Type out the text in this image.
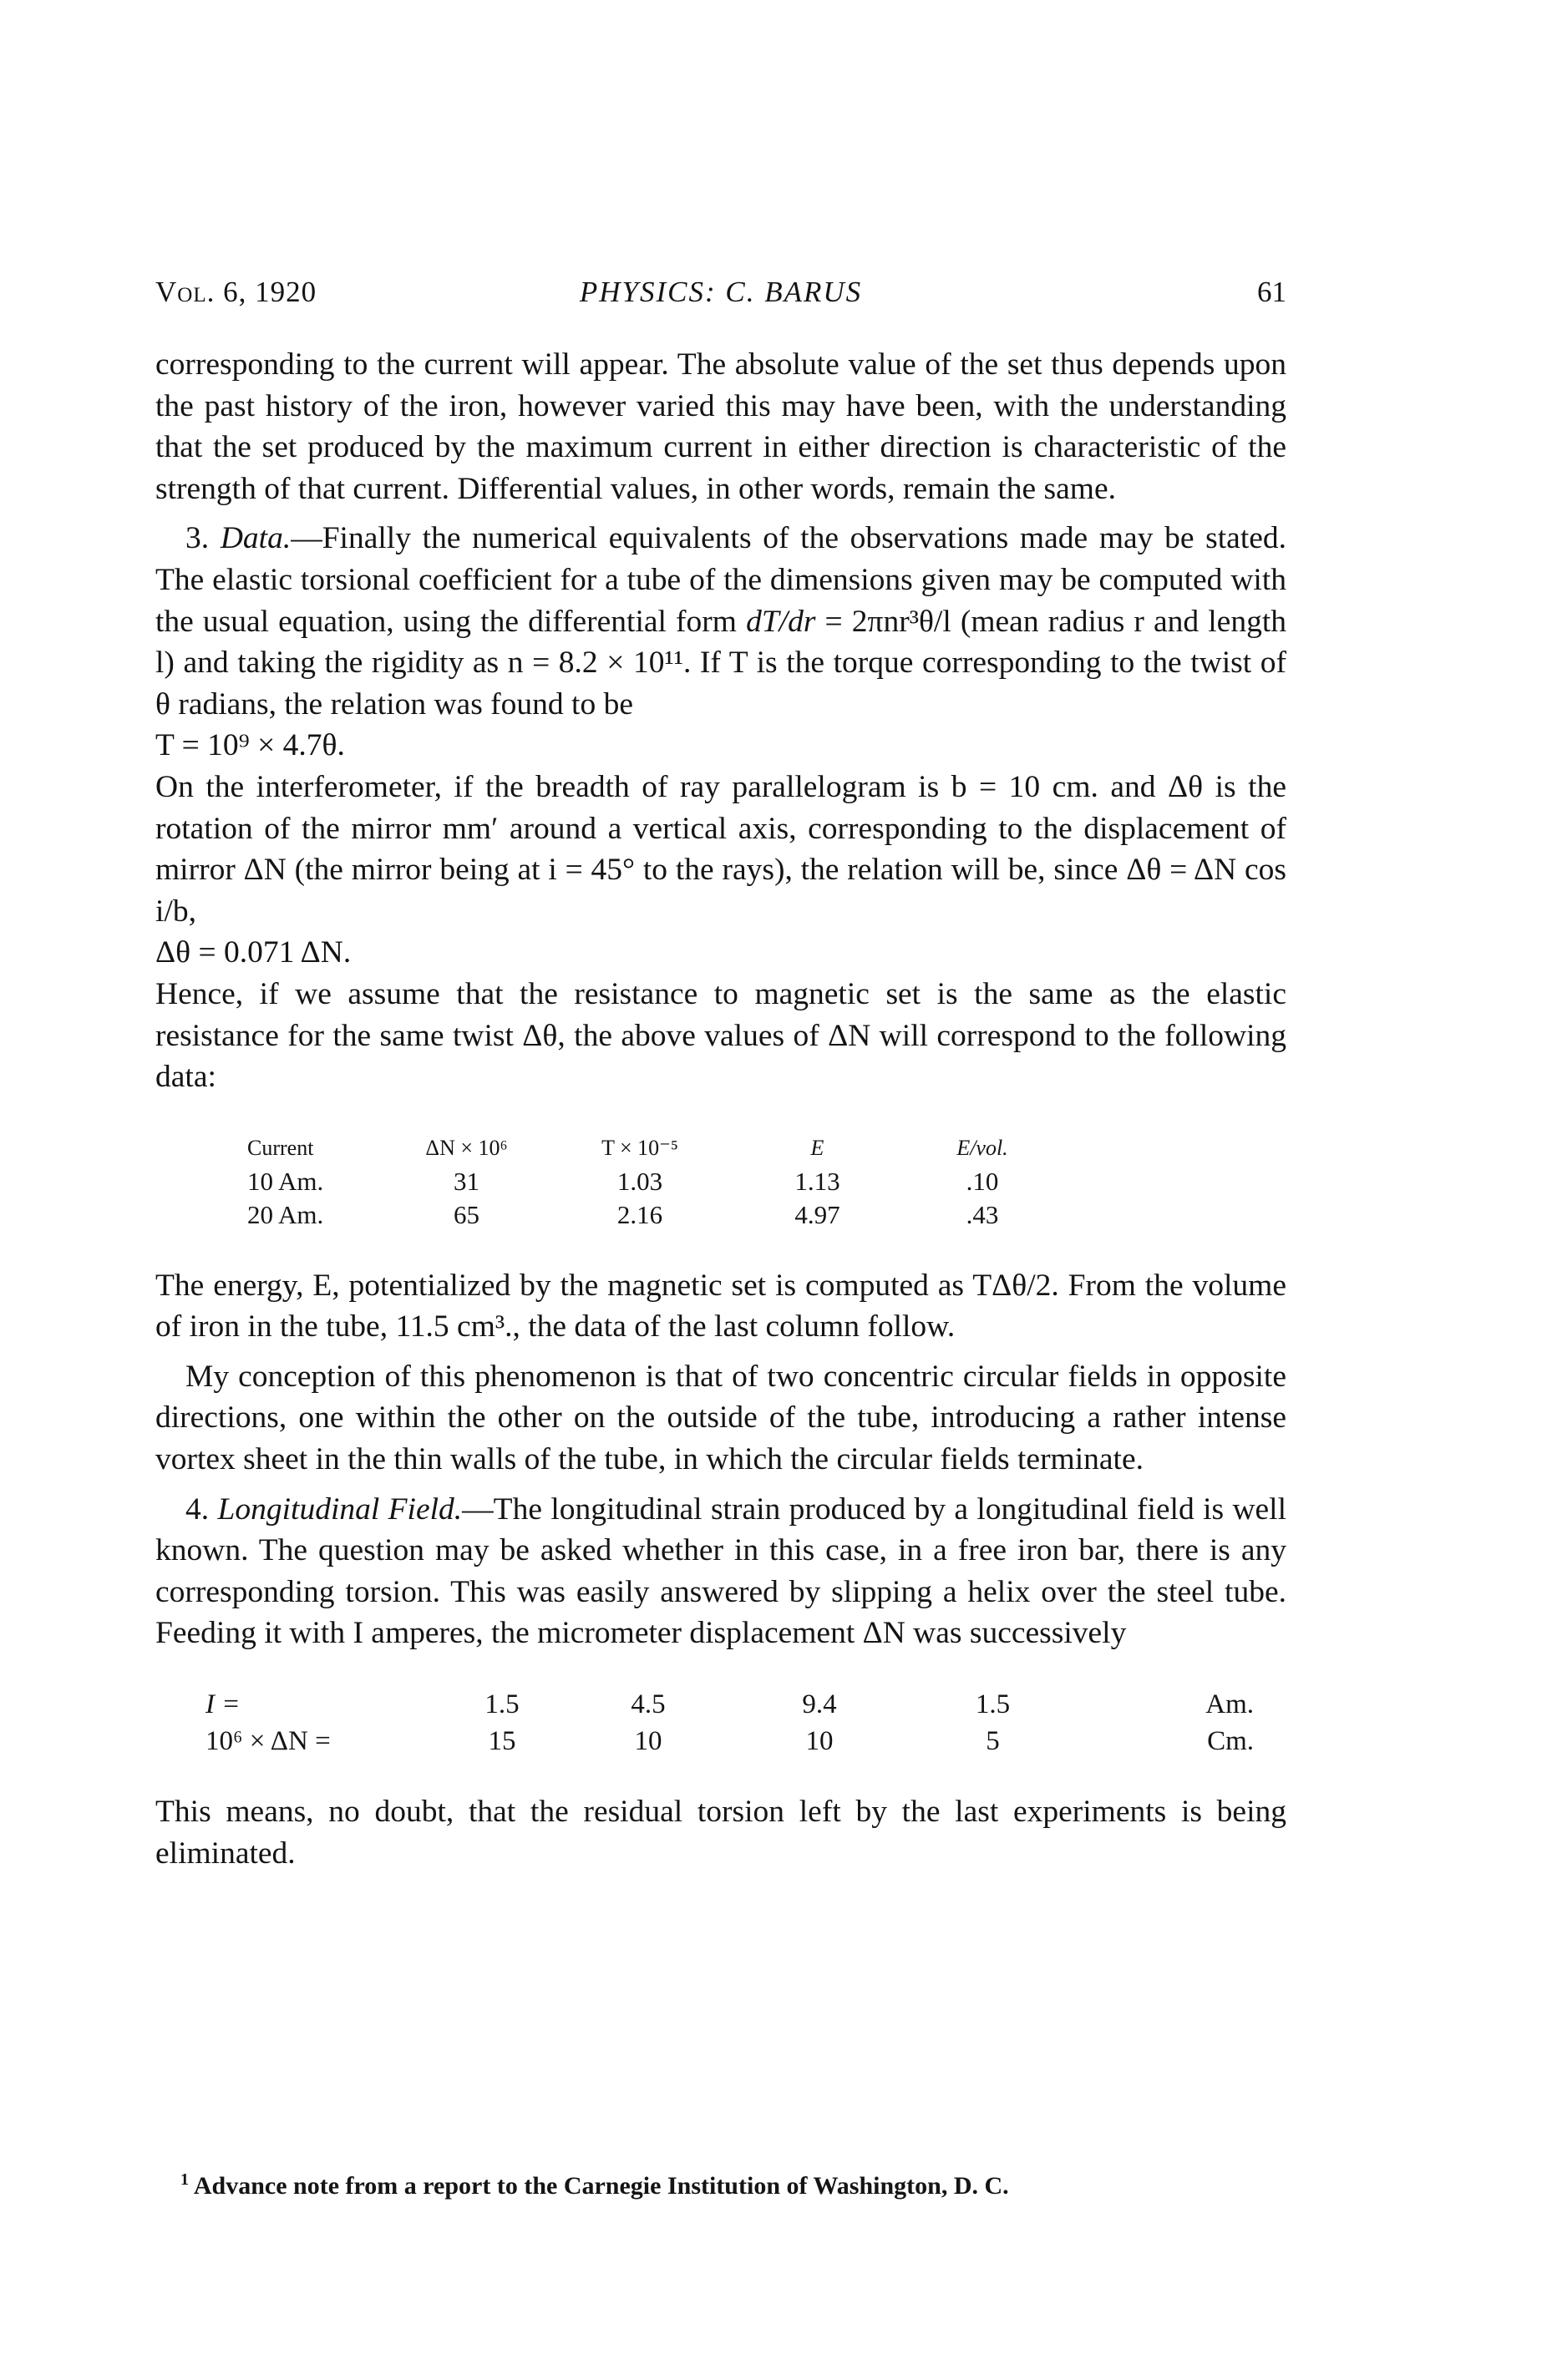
Vol. 6, 1920	PHYSICS: C. BARUS	61

corresponding to the current will appear. The absolute value of the set thus depends upon the past history of the iron, however varied this may have been, with the understanding that the set produced by the maximum current in either direction is characteristic of the strength of that current. Differential values, in other words, remain the same.

3. Data.—Finally the numerical equivalents of the observations made may be stated. The elastic torsional coefficient for a tube of the dimensions given may be computed with the usual equation, using the differential form dT/dr = 2πnr³θ/l (mean radius r and length l) and taking the rigidity as n = 8.2 × 10¹¹. If T is the torque corresponding to the twist of θ radians, the relation was found to be

T = 10⁹ × 4.7θ.

On the interferometer, if the breadth of ray parallelogram is b = 10 cm. and Δθ is the rotation of the mirror mm′ around a vertical axis, corresponding to the displacement of mirror ΔN (the mirror being at i = 45° to the rays), the relation will be, since Δθ = ΔN cos i/b,

Δθ = 0.071 ΔN.

Hence, if we assume that the resistance to magnetic set is the same as the elastic resistance for the same twist Δθ, the above values of ΔN will correspond to the following data:

Current	ΔN × 10⁶	T × 10⁻⁵	E	E/vol.
10 Am.	31	1.03	1.13	.10
20 Am.	65	2.16	4.97	.43

The energy, E, potentialized by the magnetic set is computed as TΔθ/2. From the volume of iron in the tube, 11.5 cm³., the data of the last column follow.

My conception of this phenomenon is that of two concentric circular fields in opposite directions, one within the other on the outside of the tube, introducing a rather intense vortex sheet in the thin walls of the tube, in which the circular fields terminate.

4. Longitudinal Field.—The longitudinal strain produced by a longitudinal field is well known. The question may be asked whether in this case, in a free iron bar, there is any corresponding torsion. This was easily answered by slipping a helix over the steel tube. Feeding it with I amperes, the micrometer displacement ΔN was successively

I =	1.5	4.5	9.4	1.5	Am.
10⁶ × ΔN =	15	10	10	5	Cm.

This means, no doubt, that the residual torsion left by the last experiments is being eliminated.

$^1$ Advance note from a report to the Carnegie Institution of Washington, D. C.
